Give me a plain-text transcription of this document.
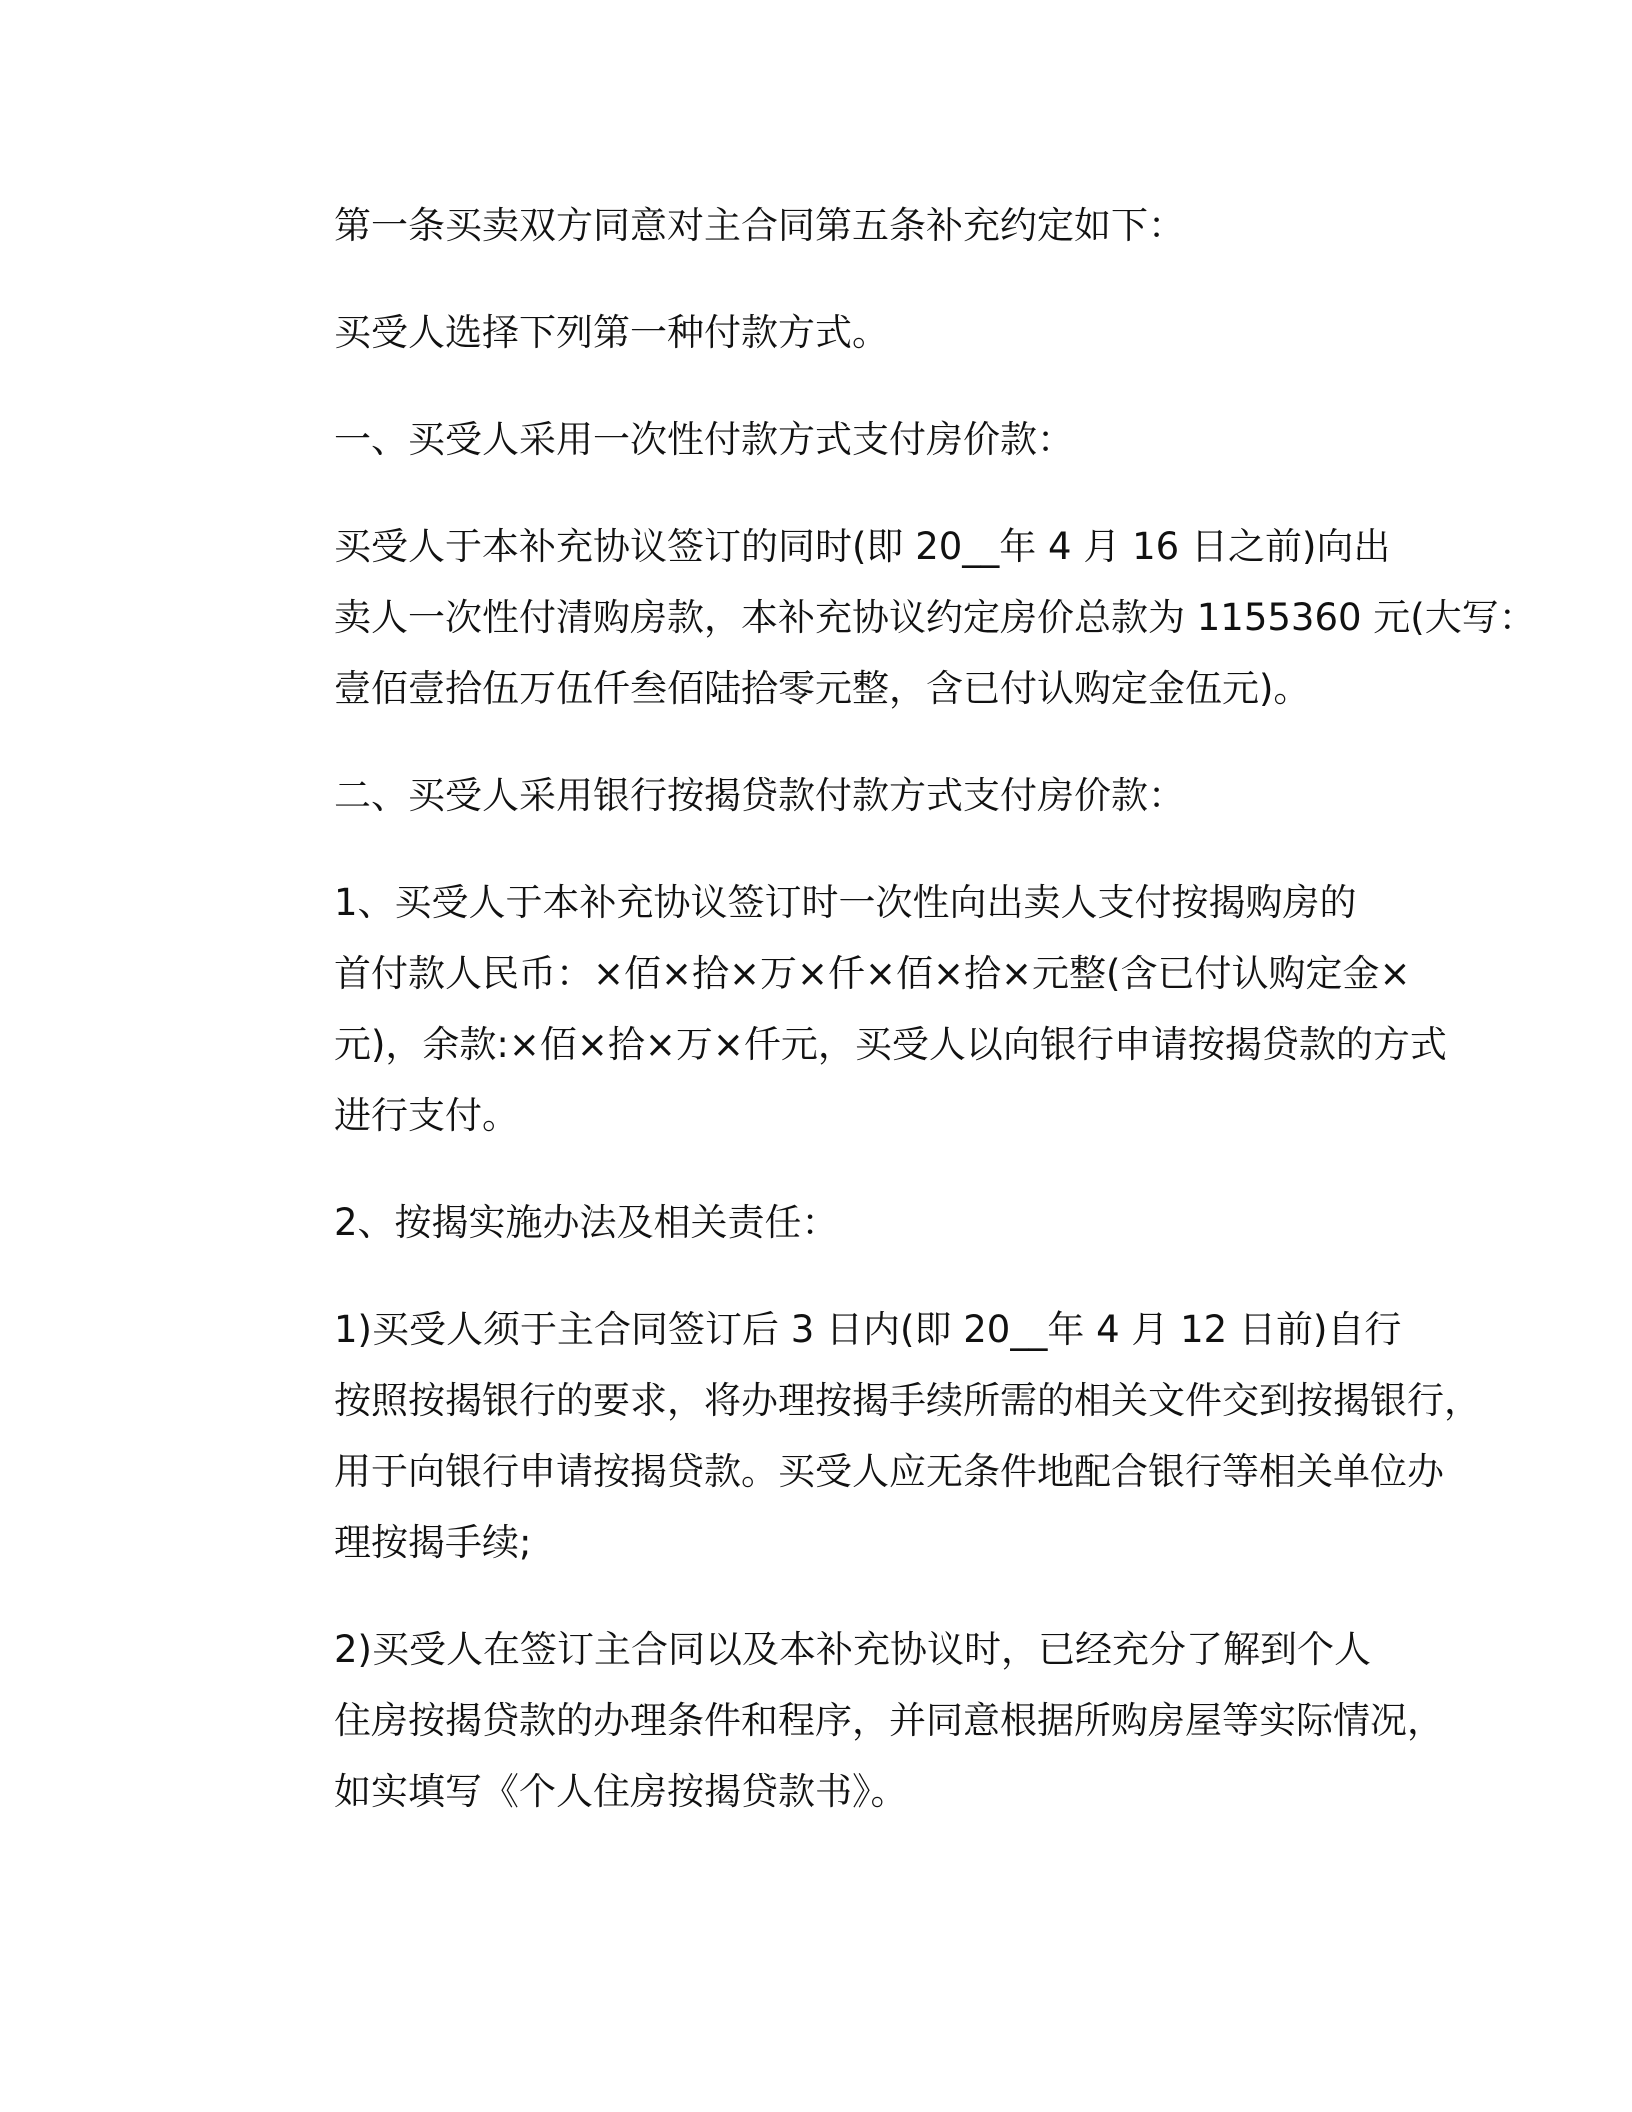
第一条买卖双方同意对主合同第五条补充约定如下：

买受人选择下列第一种付款方式。

一、买受人采用一次性付款方式支付房价款：

买受人于本补充协议签订的同时(即 20__年 4 月 16 日之前)向出
卖人一次性付清购房款，本补充协议约定房价总款为 1155360 元(大写：
壹佰壹拾伍万伍仟叁佰陆拾零元整，含已付认购定金伍元)。

二、买受人采用银行按揭贷款付款方式支付房价款：

1、买受人于本补充协议签订时一次性向出卖人支付按揭购房的
首付款人民币：×佰×拾×万×仟×佰×拾×元整(含已付认购定金×
元)，余款:×佰×拾×万×仟元，买受人以向银行申请按揭贷款的方式
进行支付。

2、按揭实施办法及相关责任：

1)买受人须于主合同签订后 3 日内(即 20__年 4 月 12 日前)自行
按照按揭银行的要求，将办理按揭手续所需的相关文件交到按揭银行，
用于向银行申请按揭贷款。买受人应无条件地配合银行等相关单位办
理按揭手续;

2)买受人在签订主合同以及本补充协议时，已经充分了解到个人
住房按揭贷款的办理条件和程序，并同意根据所购房屋等实际情况，
如实填写《个人住房按揭贷款书》。
